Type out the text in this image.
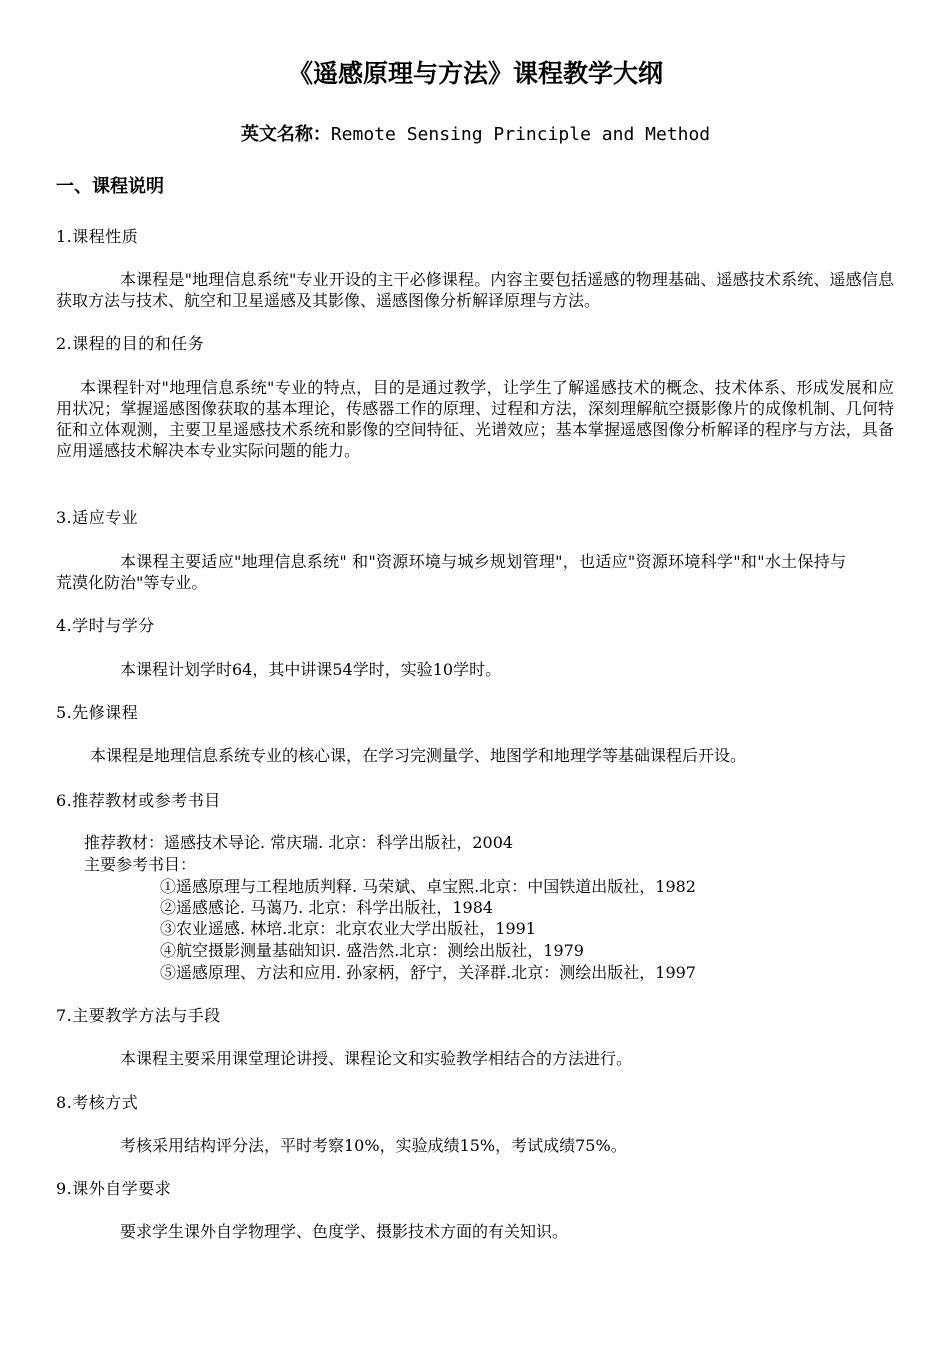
《遥感原理与方法》课程教学大纲
英文名称：Remote Sensing Principle and Method
一、课程说明
1.课程性质
本课程是"地理信息系统"专业开设的主干必修课程。内容主要包括遥感的物理基础、遥感技术系统、遥感信息获取方法与技术、航空和卫星遥感及其影像、遥感图像分析解译原理与方法。
2.课程的目的和任务
本课程针对"地理信息系统"专业的特点，目的是通过教学，让学生了解遥感技术的概念、技术体系、形成发展和应用状况；掌握遥感图像获取的基本理论，传感器工作的原理、过程和方法，深刻理解航空摄影像片的成像机制、几何特征和立体观测，主要卫星遥感技术系统和影像的空间特征、光谱效应；基本掌握遥感图像分析解译的程序与方法，具备应用遥感技术解决本专业实际问题的能力。
3.适应专业
本课程主要适应"地理信息系统" 和"资源环境与城乡规划管理"，也适应"资源环境科学"和"水土保持与荒漠化防治"等专业。
4.学时与学分
本课程计划学时64，其中讲课54学时，实验10学时。
5.先修课程
本课程是地理信息系统专业的核心课，在学习完测量学、地图学和地理学等基础课程后开设。
6.推荐教材或参考书目
推荐教材：遥感技术导论. 常庆瑞. 北京：科学出版社，2004
主要参考书目：
①遥感原理与工程地质判释. 马荣斌、卓宝熙.北京：中国铁道出版社，1982
②遥感感论. 马蔼乃. 北京：科学出版社，1984
③农业遥感. 林培.北京：北京农业大学出版社，1991
④航空摄影测量基础知识. 盛浩然.北京：测绘出版社，1979
⑤遥感原理、方法和应用. 孙家柄，舒宁，关泽群.北京：测绘出版社，1997
7.主要教学方法与手段
本课程主要采用课堂理论讲授、课程论文和实验教学相结合的方法进行。
8.考核方式
考核采用结构评分法，平时考察10%，实验成绩15%，考试成绩75%。
9.课外自学要求
要求学生课外自学物理学、色度学、摄影技术方面的有关知识。
